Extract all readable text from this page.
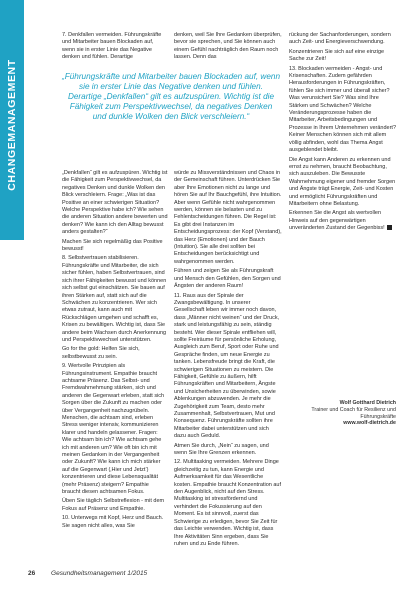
CHANGEMANAGEMENT

7. Denkfallen vermeiden. Führungskräfte und Mitarbeiter bauen Blockaden auf, wenn sie in erster Linie das Negative denken und fühlen. Derartige

„Führungskräfte und Mitarbeiter bauen Blockaden auf, wenn sie in erster Linie das Negative denken und fühlen. Derartige „Denkfallen“ gilt es aufzuspüren. Wichtig ist die Fähigkeit zum Perspektivwechsel, da negatives Denken und dunkle Wolken den Blick verschleiern.“

„Denkfallen“ gilt es aufzuspüren. Wichtig ist die Fähigkeit zum Perspektivwechsel, da negatives Denken und dunkle Wolken den Blick verschleiern. Frage: „Was ist das Positive an einer schwierigen Situation? Welche Perspektive habe ich? Wie sehen die anderen Situation andere bewerten und denken? Wie kann ich den Alltag bewusst anders gestalten?“

Machen Sie sich regelmäßig das Positive bewusst!

8. Selbstvertrauen stabilisieren. Führungskräfte und Mitarbeiter, die sich sicher fühlen, haben Selbstvertrauen, sind sich ihrer Fähigkeiten bewusst und können sich selbst gut einschätzen. Sie bauen auf ihren Stärken auf, statt sich auf die Schwächen zu konzentrieren. Wer sich etwas zutraut, kann auch mit Rückschlägen umgehen und schafft es, Krisen zu bewältigen. Wichtig ist, dass Sie andere beim Wachsen durch Anerkennung und Perspektivwechsel unterstützen.

Go for the gold: Helfen Sie sich, selbstbewusst zu sein.

9. Wertvolle Prinzipien als Führungsinstrument. Empathie braucht achtsame Präsenz. Das Selbst- und Fremdwahrnehmung stärken, sich und anderen die Gegenwart erleben, statt sich Sorgen über die Zukunft zu machen oder über Vergangenheit nachzugrübeln. Menschen, die achtsam sind, erleben Stress weniger intensiv, kommunizieren klarer und handeln gelassener. Fragen: Wie achtsam bin ich? Wie achtsam gehe ich mit anderen um? Wie oft bin ich mit meinen Gedanken in der Vergangenheit oder Zukunft? Wie kann ich mich stärker auf die Gegenwart (‚Hier und Jetzt‘) konzentrieren und diese Lebensqualität (mehr Präsenz) steigern? Empathie braucht diesen achtsamen Fokus.

Üben Sie täglich Selbstreflexion - mit dem Fokus auf Präsenz und Empathie.

10. Unterwegs mit Kopf, Herz und Bauch. Sie sagen nicht alles, was Sie

denken, weil Sie Ihre Gedanken überprüfen, bevor sie sprechen, und Sie können auch einem Gefühl nachträglich den Raum noch lassen. Denn das

würde zu Missverständnissen und Chaos in der Gemeinschaft führen. Unterdrücken Sie aber Ihre Emotionen nicht zu lange und hören Sie auf Ihr Bauchgefühl, ihre Intuition. Aber wenn Gefühle nicht wahrgenommen werden, können sie belasten und zu Fehlentscheidungen führen. Die Regel ist: Es gibt drei Instanzen im Entscheidungsprozess: der Kopf (Verstand), das Herz (Emotionen) und der Bauch (Intuition). Sie alle drei sollten bei Entscheidungen berücksichtigt und wahrgenommen werden.

Führen und zeigen Sie als Führungskraft und Mensch den Gefühlen, den Sorgen und Ängsten der anderen Raum!

11. Raus aus der Spirale der Zwangsbewältigung. In unserer Gesellschaft leben wir immer noch davon, dass „Männer nicht weinen“ und der Druck, stark und leistungsfähig zu sein, ständig besteht. Wer dieser Spirale entfliehen will, sollte Freiräume für persönliche Erholung, Ausgleich zum Beruf, Sport oder Ruhe und Gespräche finden, um neue Energie zu tanken. Lebensfreude bringt die Kraft, die schwierigen Situationen zu meistern. Die Fähigkeit, Gefühle zu äußern, hilft Führungskräften und Mitarbeitern, Ängste und Unsicherheiten zu überwinden, sowie Ablenkungen abzuwenden. Je mehr die Zugehörigkeit zum Team, desto mehr Zusammenhalt, Selbstvertrauen, Mut und Konsequenz. Führungskräfte sollten ihre Mitarbeiter dabei unterstützen und sich dazu auch Geduld.

Atmen Sie durch, „Nein“ zu sagen, und wenn Sie Ihre Grenzen erkennen.

12. Multitasking vermeiden. Mehrere Dinge gleichzeitig zu tun, kann Energie und Aufmerksamkeit für das Wesentliche kosten. Empathie braucht Konzentration auf den Augenblick, nicht auf den Stress. Multitasking ist stressfördernd und verhindert die Fokussierung auf den Moment. Es ist sinnvoll, zuerst das Schwierige zu erledigen, bevor Sie Zeit für das Leichte verwenden. Wichtig ist, dass Ihre Aktivitäten Sinn ergeben, dass Sie ruhen und zu Ende führen.

rückung der Sachanforderungen, sondern auch Zeit- und Energieverschwendung.

Konzentrieren Sie sich auf eine einzige Sache zur Zeit!

13. Blockaden vermeiden - Angst- und Krisenschaften. Zudem gefährden Herausforderungen in Führungskräften, fühlen Sie sich immer und überall sicher? Was verunsichert Sie? Was sind Ihre Stärken und Schwächen? Welche Veränderungsprozesse haben die Mitarbeiter, Arbeitsbedingungen und Prozesse in Ihrem Unternehmen verändert? Keiner Menschen können sich mit allem völlig abfinden, wohl das Thema Angst ausgeblendet bleibt.

Die Angst kann Anderen zu erkennen und ernst zu nehmen, braucht Beobachtung, sich auszuleben. Die Bewusste Wahrnehmung eigener und fremder Sorgen und Ängste trägt Energie, Zeit- und Kosten und ermöglicht Führungskräften und Mitarbeitern ohne Belastung.

Erkennen Sie die Angst als wertvollen Hinweis auf den gegenwärtigen unveränderten Zustand der Gegenbiss!

Wolf Gotthard Dietrich
Trainer und Coach für Resilienz und
Führungskräfte
www.wolf-dietrich.de
26 Gesundheitsmanagement 1/2015
